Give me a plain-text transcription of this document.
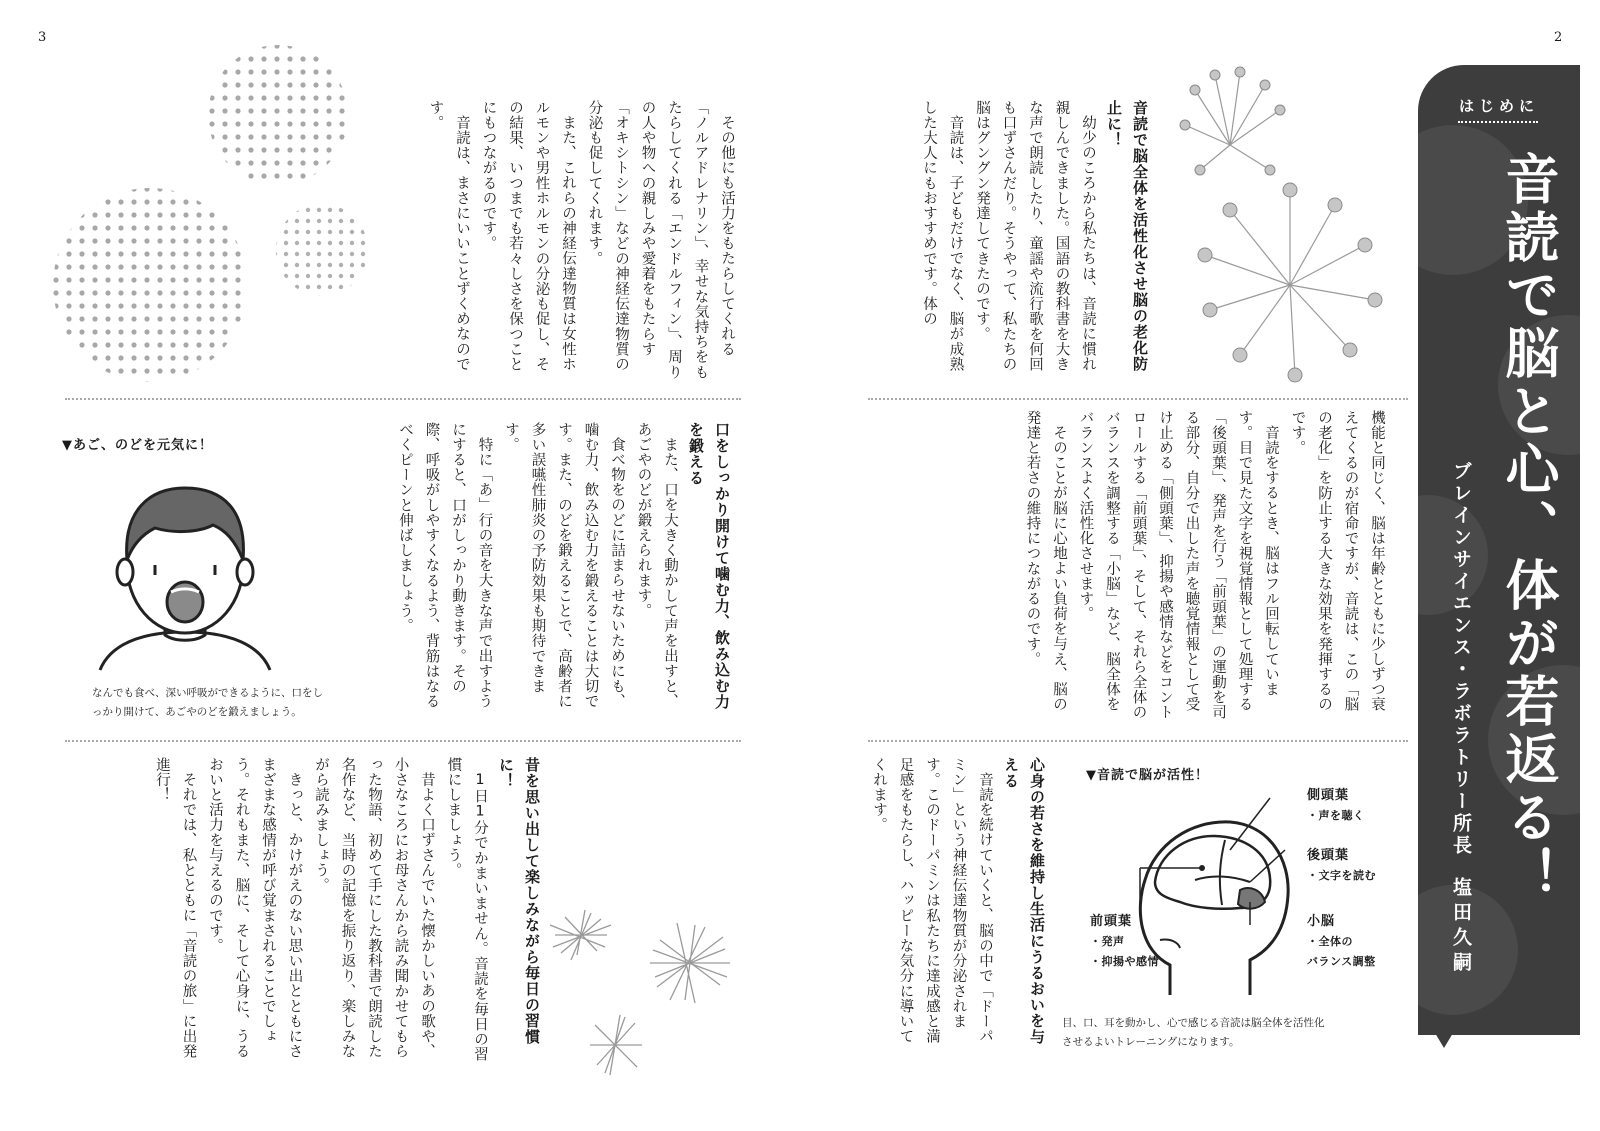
3	2
はじめに
音読で脳と心、体が若返る！
ブレインサイエンス・ラボラトリー所長
塩田久嗣

音読で脳全体を活性化させ脳の老化防止に！

幼少のころから私たちは、音読に慣れ親しんできました。国語の教科書を大きな声で朗読したり、童謡や流行歌を何回も口ずさんだり。そうやって、私たちの脳はグングン発達してきたのです。

音読は、子どもだけでなく、脳が成熟した大人にもおすすめです。体の

機能と同じく、脳は年齢とともに少しずつ衰えてくるのが宿命ですが、音読は、この「脳の老化」を防止する大きな効果を発揮するのです。

音読をするとき、脳はフル回転しています。目で見た文字を視覚情報として処理する「後頭葉」、発声を行う「前頭葉」の運動を司る部分、自分で出した声を聴覚情報として受け止める「側頭葉」、抑揚や感情などをコントロールする「前頭葉」、そして、それら全体のバランスを調整する「小脳」など、脳全体をバランスよく活性化させます。

そのことが脳に心地よい負荷を与え、脳の発達と若さの維持につながるのです。

心身の若さを維持し生活にうるおいを与える

音読を続けていくと、脳の中で「ドーパミン」という神経伝達物質が分泌されます。このドーパミンは私たちに達成感と満足感をもたらし、ハッピーな気分に導いてくれます。	▼音読で脳が活性！
側頭葉
・声を聴く
後頭葉
・文字を読む
小脳
・全体の
バランス調整
前頭葉
・発声
・抑揚や感情
目、口、耳を動かし、心で感じる音読は脳全体を活性化
させるよいトレーニングになります。

その他にも活力をもたらしてくれる「ノルアドレナリン」、幸せな気持ちをもたらしてくれる「エンドルフィン」、周りの人や物への親しみや愛着をもたらす「オキシトシン」などの神経伝達物質の分泌も促してくれます。

また、これらの神経伝達物質は女性ホルモンや男性ホルモンの分泌も促し、その結果、いつまでも若々しさを保つことにもつながるのです。

音読は、まさにいいことずくめなのです。

口をしっかり開けて噛む力、飲み込む力を鍛える

また、口を大きく動かして声を出すと、あごやのどが鍛えられます。

食べ物をのどに詰まらせないためにも、噛む力、飲み込む力を鍛えることは大切です。また、のどを鍛えることで、高齢者に多い誤嚥性肺炎の予防効果も期待できます。

特に「あ」行の音を大きな声で出すようにすると、口がしっかり動きます。その際、呼吸がしやすくなるよう、背筋はなるべくピーンと伸ばしましょう。

▼あご、のどを元気に！
なんでも食べ、深い呼吸ができるように、口をし
っかり開けて、あごやのどを鍛えましょう。

昔を思い出して楽しみながら毎日の習慣に！

1日1分でかまいません。音読を毎日の習慣にしましょう。

昔よく口ずさんでいた懐かしいあの歌や、小さなころにお母さんから読み聞かせてもらった物語、初めて手にした教科書で朗読した名作など、当時の記憶を振り返り、楽しみながら読みましょう。

きっと、かけがえのない思い出とともにさまざまな感情が呼び覚まされることでしょう。それもまた、脳に、そして心身に、うるおいと活力を与えるのです。

それでは、私とともに「音読の旅」に出発進行！
